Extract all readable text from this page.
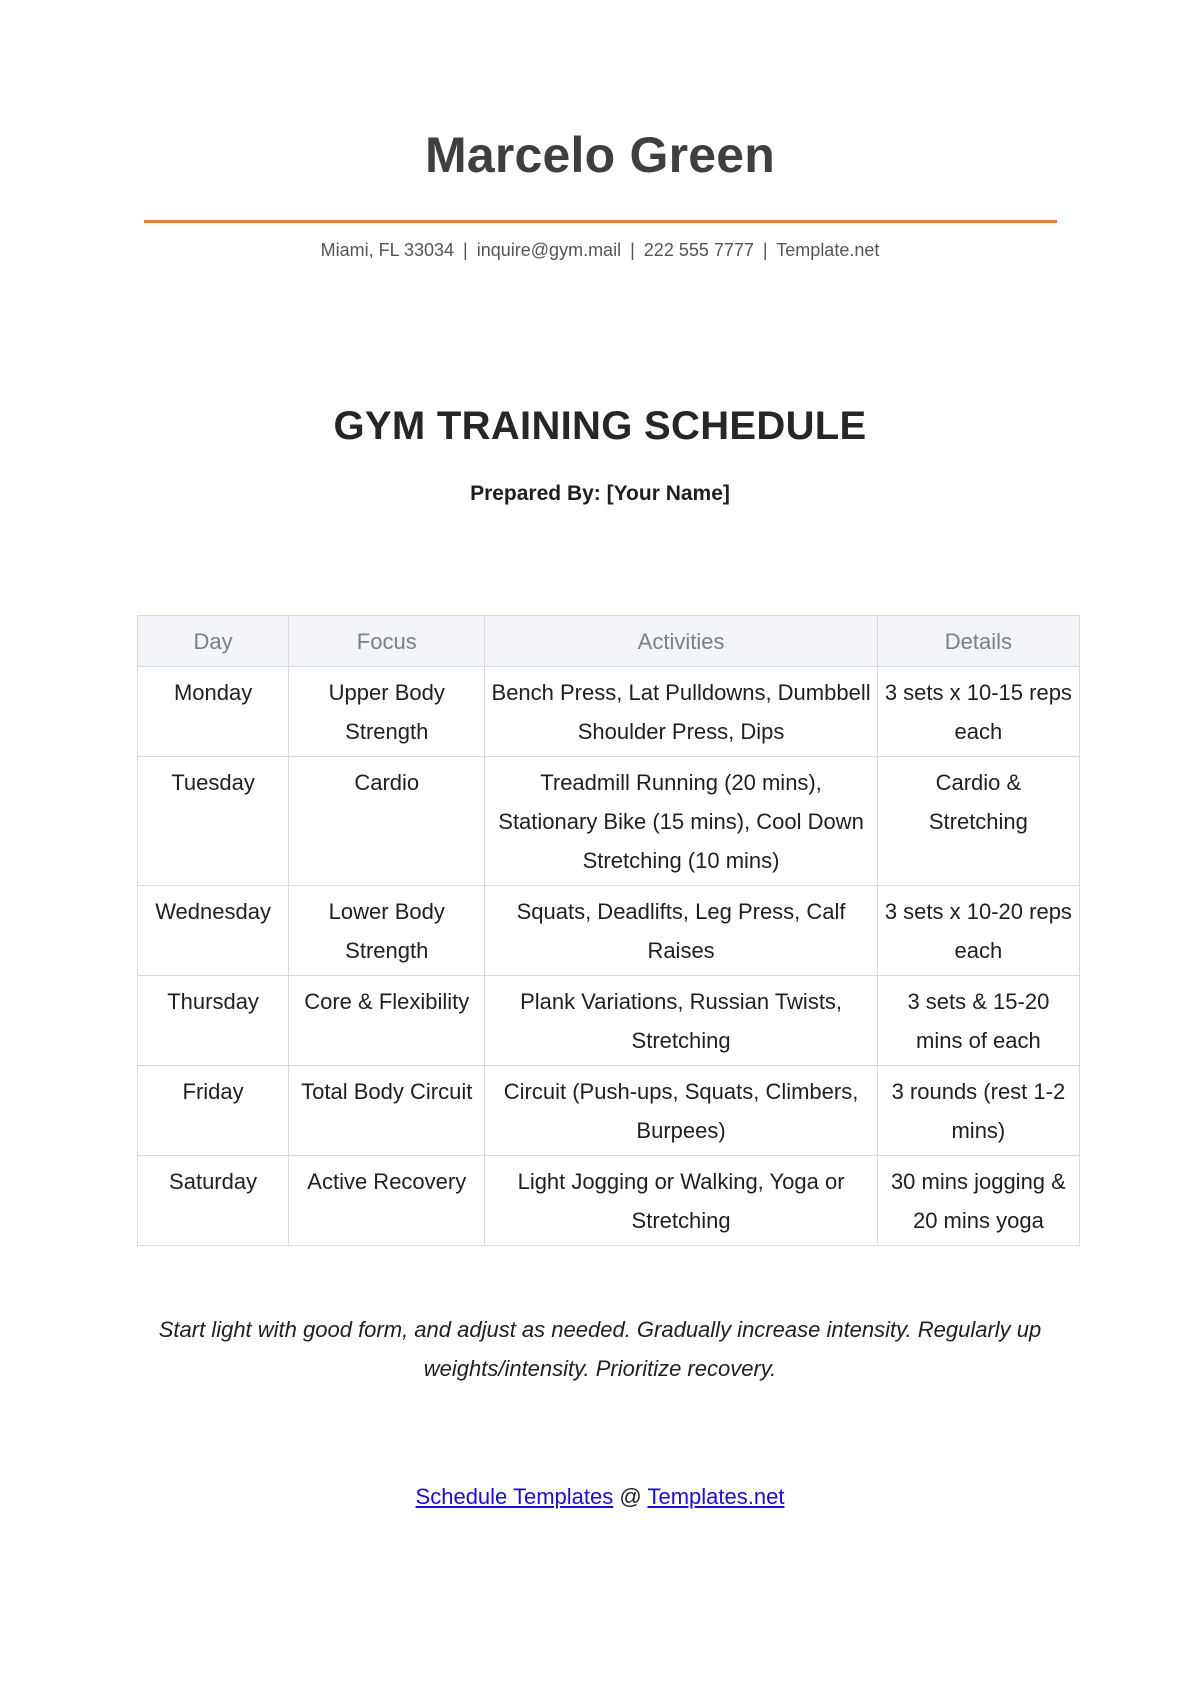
Marcelo Green
Miami, FL 33034 | inquire@gym.mail | 222 555 7777 | Template.net
GYM TRAINING SCHEDULE
Prepared By: [Your Name]
Day	Focus	Activities	Details
Monday	Upper Body Strength	Bench Press, Lat Pulldowns, Dumbbell Shoulder Press, Dips	3 sets x 10-15 reps each
Tuesday	Cardio	Treadmill Running (20 mins), Stationary Bike (15 mins), Cool Down Stretching (10 mins)	Cardio & Stretching
Wednesday	Lower Body Strength	Squats, Deadlifts, Leg Press, Calf Raises	3 sets x 10-20 reps each
Thursday	Core & Flexibility	Plank Variations, Russian Twists, Stretching	3 sets & 15-20 mins of each
Friday	Total Body Circuit	Circuit (Push-ups, Squats, Climbers, Burpees)	3 rounds (rest 1-2 mins)
Saturday	Active Recovery	Light Jogging or Walking, Yoga or Stretching	30 mins jogging & 20 mins yoga
Start light with good form, and adjust as needed. Gradually increase intensity. Regularly up weights/intensity. Prioritize recovery.
Schedule Templates @ Templates.net
